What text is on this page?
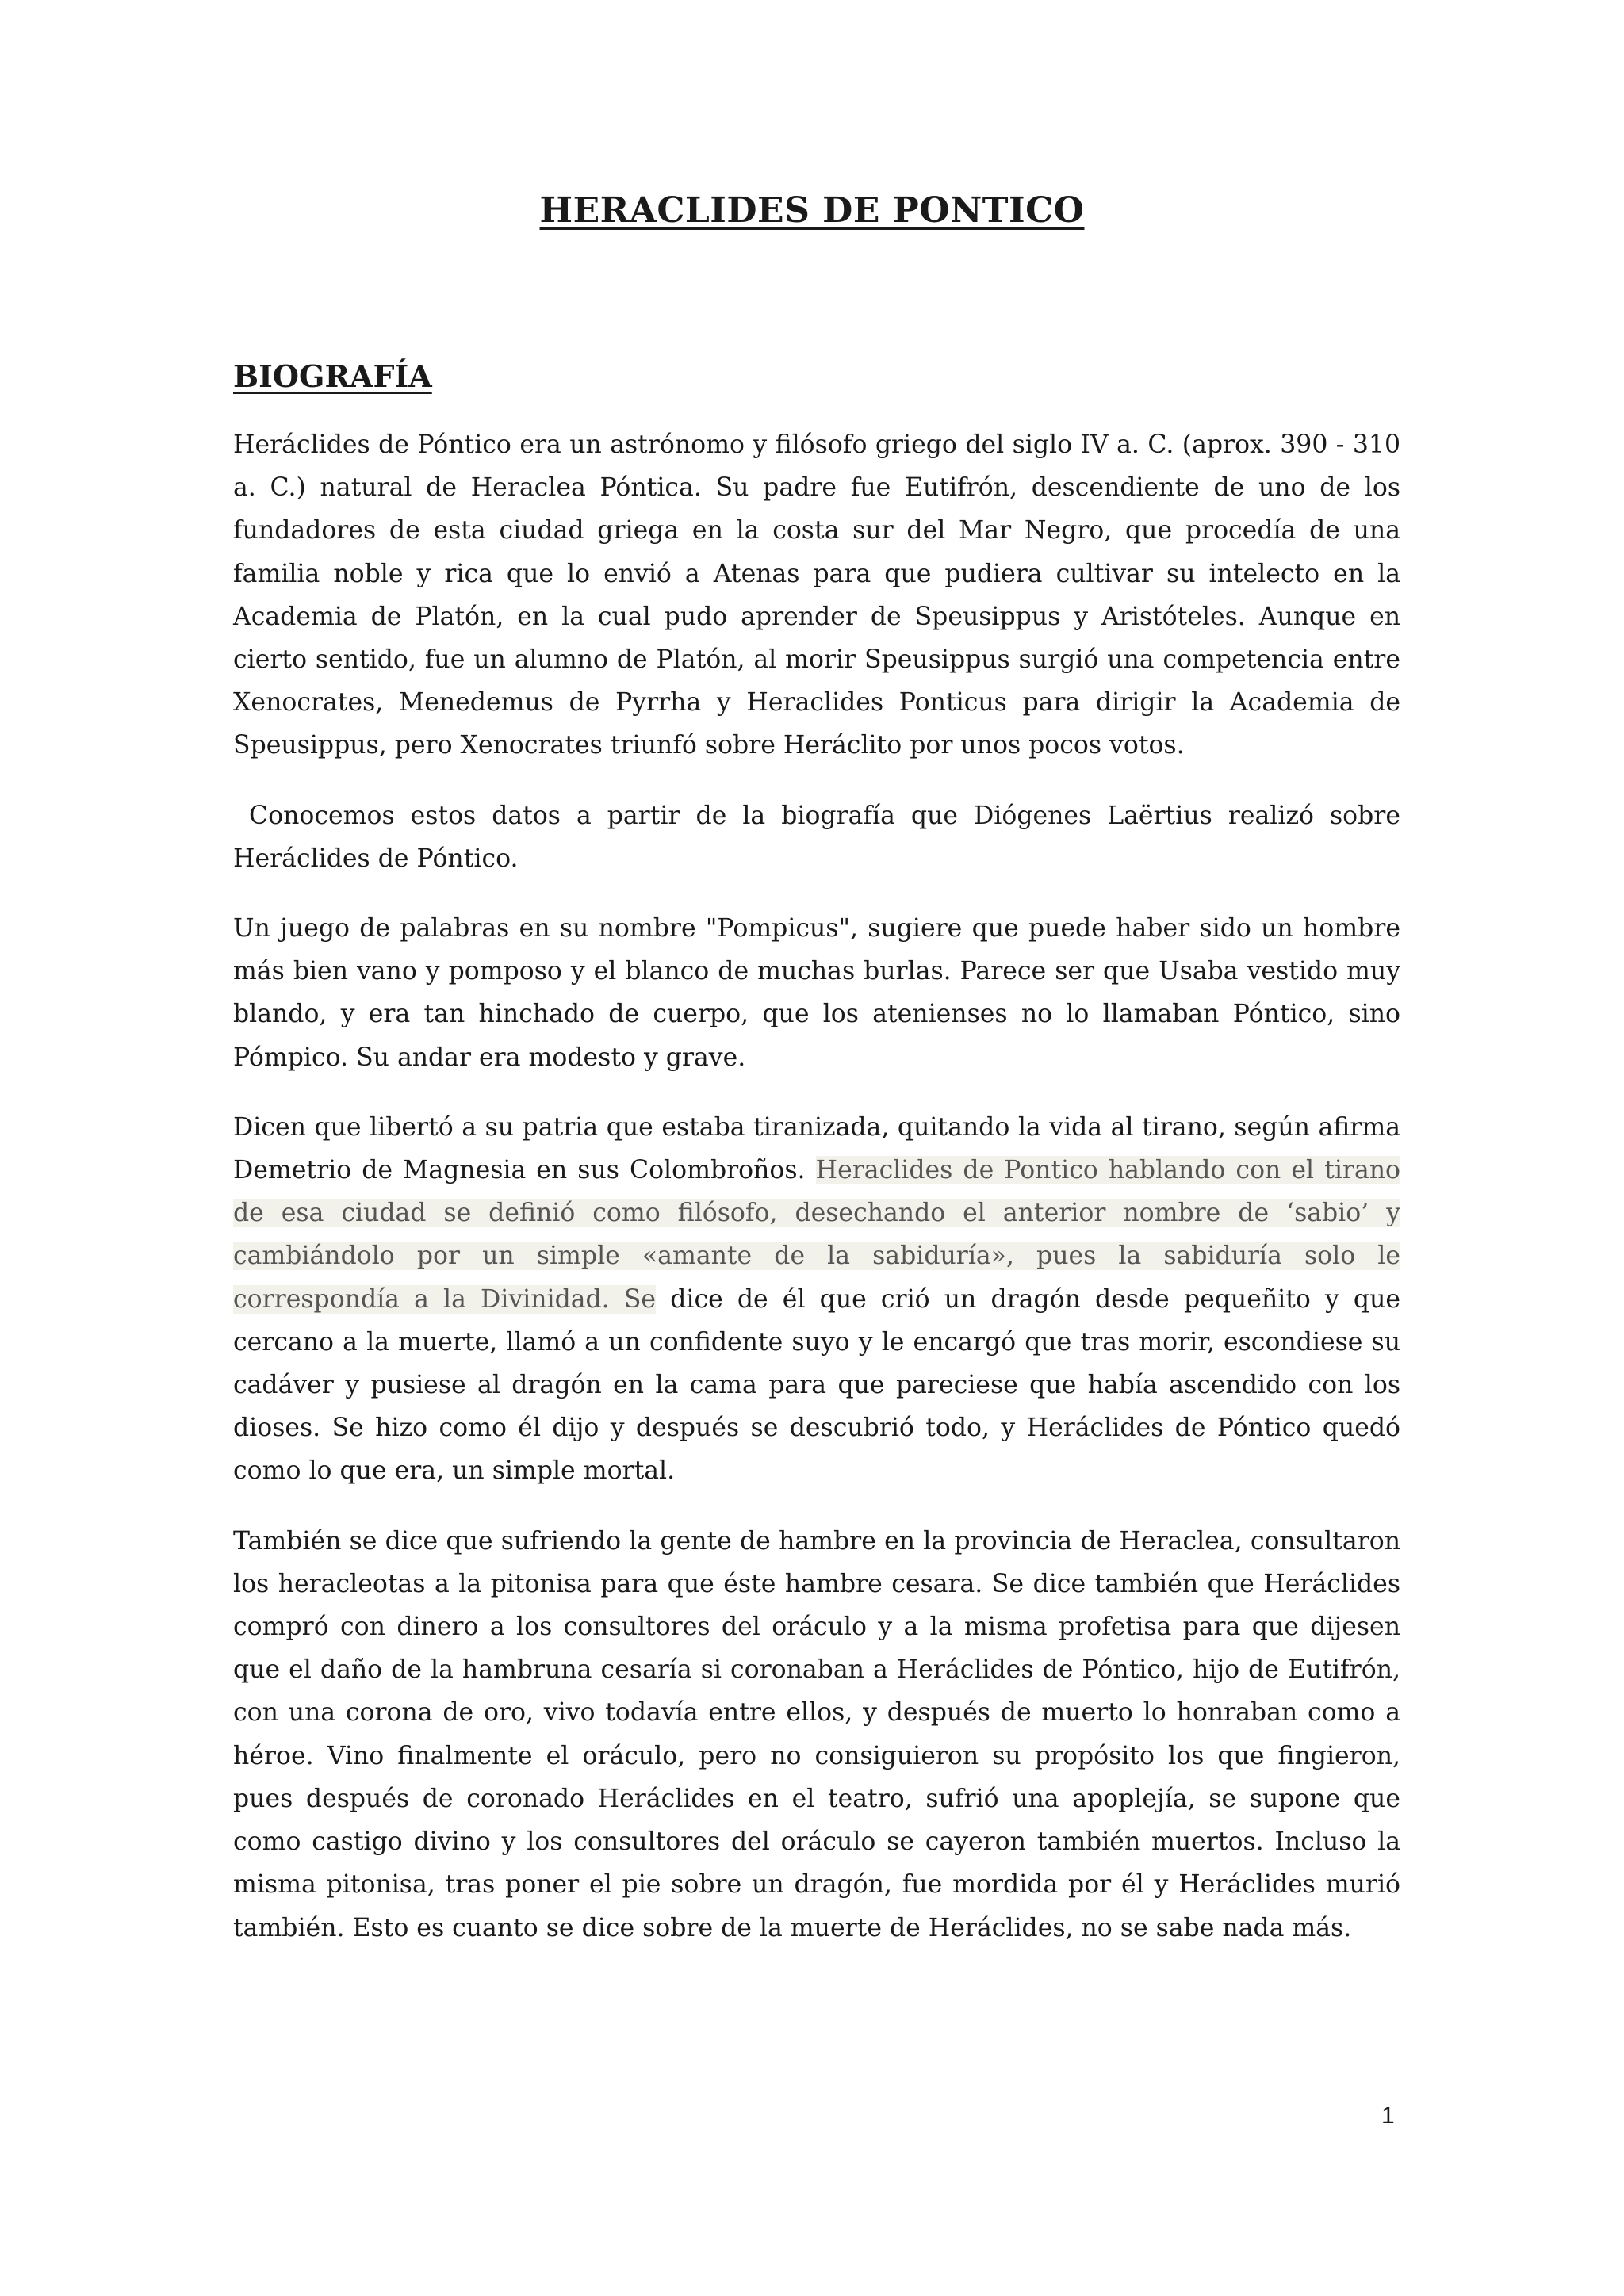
HERACLIDES DE PONTICO
BIOGRAFÍA

Heráclides de Póntico era un astrónomo y filósofo griego del siglo IV a. C. (aprox. 390 - 310 a. C.) natural de Heraclea Póntica. Su padre fue Eutifrón, descendiente de uno de los fundadores de esta ciudad griega en la costa sur del Mar Negro, que procedía de una familia noble y rica que lo envió a Atenas para que pudiera cultivar su intelecto en la Academia de Platón, en la cual pudo aprender de Speusippus y Aristóteles. Aunque en cierto sentido, fue un alumno de Platón, al morir Speusippus surgió una competencia entre Xenocrates, Menedemus de Pyrrha y Heraclides Ponticus para dirigir la Academia de Speusippus, pero Xenocrates triunfó sobre Heráclito por unos pocos votos.

Conocemos estos datos a partir de la biografía que Diógenes Laërtius realizó sobre Heráclides de Póntico.

Un juego de palabras en su nombre "Pompicus", sugiere que puede haber sido un hombre más bien vano y pomposo y el blanco de muchas burlas. Parece ser que Usaba vestido muy blando, y era tan hinchado de cuerpo, que los atenienses no lo llamaban Póntico, sino Pómpico. Su andar era modesto y grave.

Dicen que libertó a su patria que estaba tiranizada, quitando la vida al tirano, según afirma Demetrio de Magnesia en sus Colombroños. Heraclides de Pontico hablando con el tirano de esa ciudad se definió como filósofo, desechando el anterior nombre de ‘sabio’ y cambiándolo por un simple «amante de la sabiduría», pues la sabiduría solo le correspondía a la Divinidad. Se dice de él que crió un dragón desde pequeñito y que cercano a la muerte, llamó a un confidente suyo y le encargó que tras morir, escondiese su cadáver y pusiese al dragón en la cama para que pareciese que había ascendido con los dioses. Se hizo como él dijo y después se descubrió todo, y Heráclides de Póntico quedó como lo que era, un simple mortal.

También se dice que sufriendo la gente de hambre en la provincia de Heraclea, consultaron los heracleotas a la pitonisa para que éste hambre cesara. Se dice también que Heráclides compró con dinero a los consultores del oráculo y a la misma profetisa para que dijesen que el daño de la hambruna cesaría si coronaban a Heráclides de Póntico, hijo de Eutifrón, con una corona de oro, vivo todavía entre ellos, y después de muerto lo honraban como a héroe. Vino finalmente el oráculo, pero no consiguieron su propósito los que fingieron, pues después de coronado Heráclides en el teatro, sufrió una apoplejía, se supone que como castigo divino y los consultores del oráculo se cayeron también muertos. Incluso la misma pitonisa, tras poner el pie sobre un dragón, fue mordida por él y Heráclides murió también. Esto es cuanto se dice sobre de la muerte de Heráclides, no se sabe nada más.

1
